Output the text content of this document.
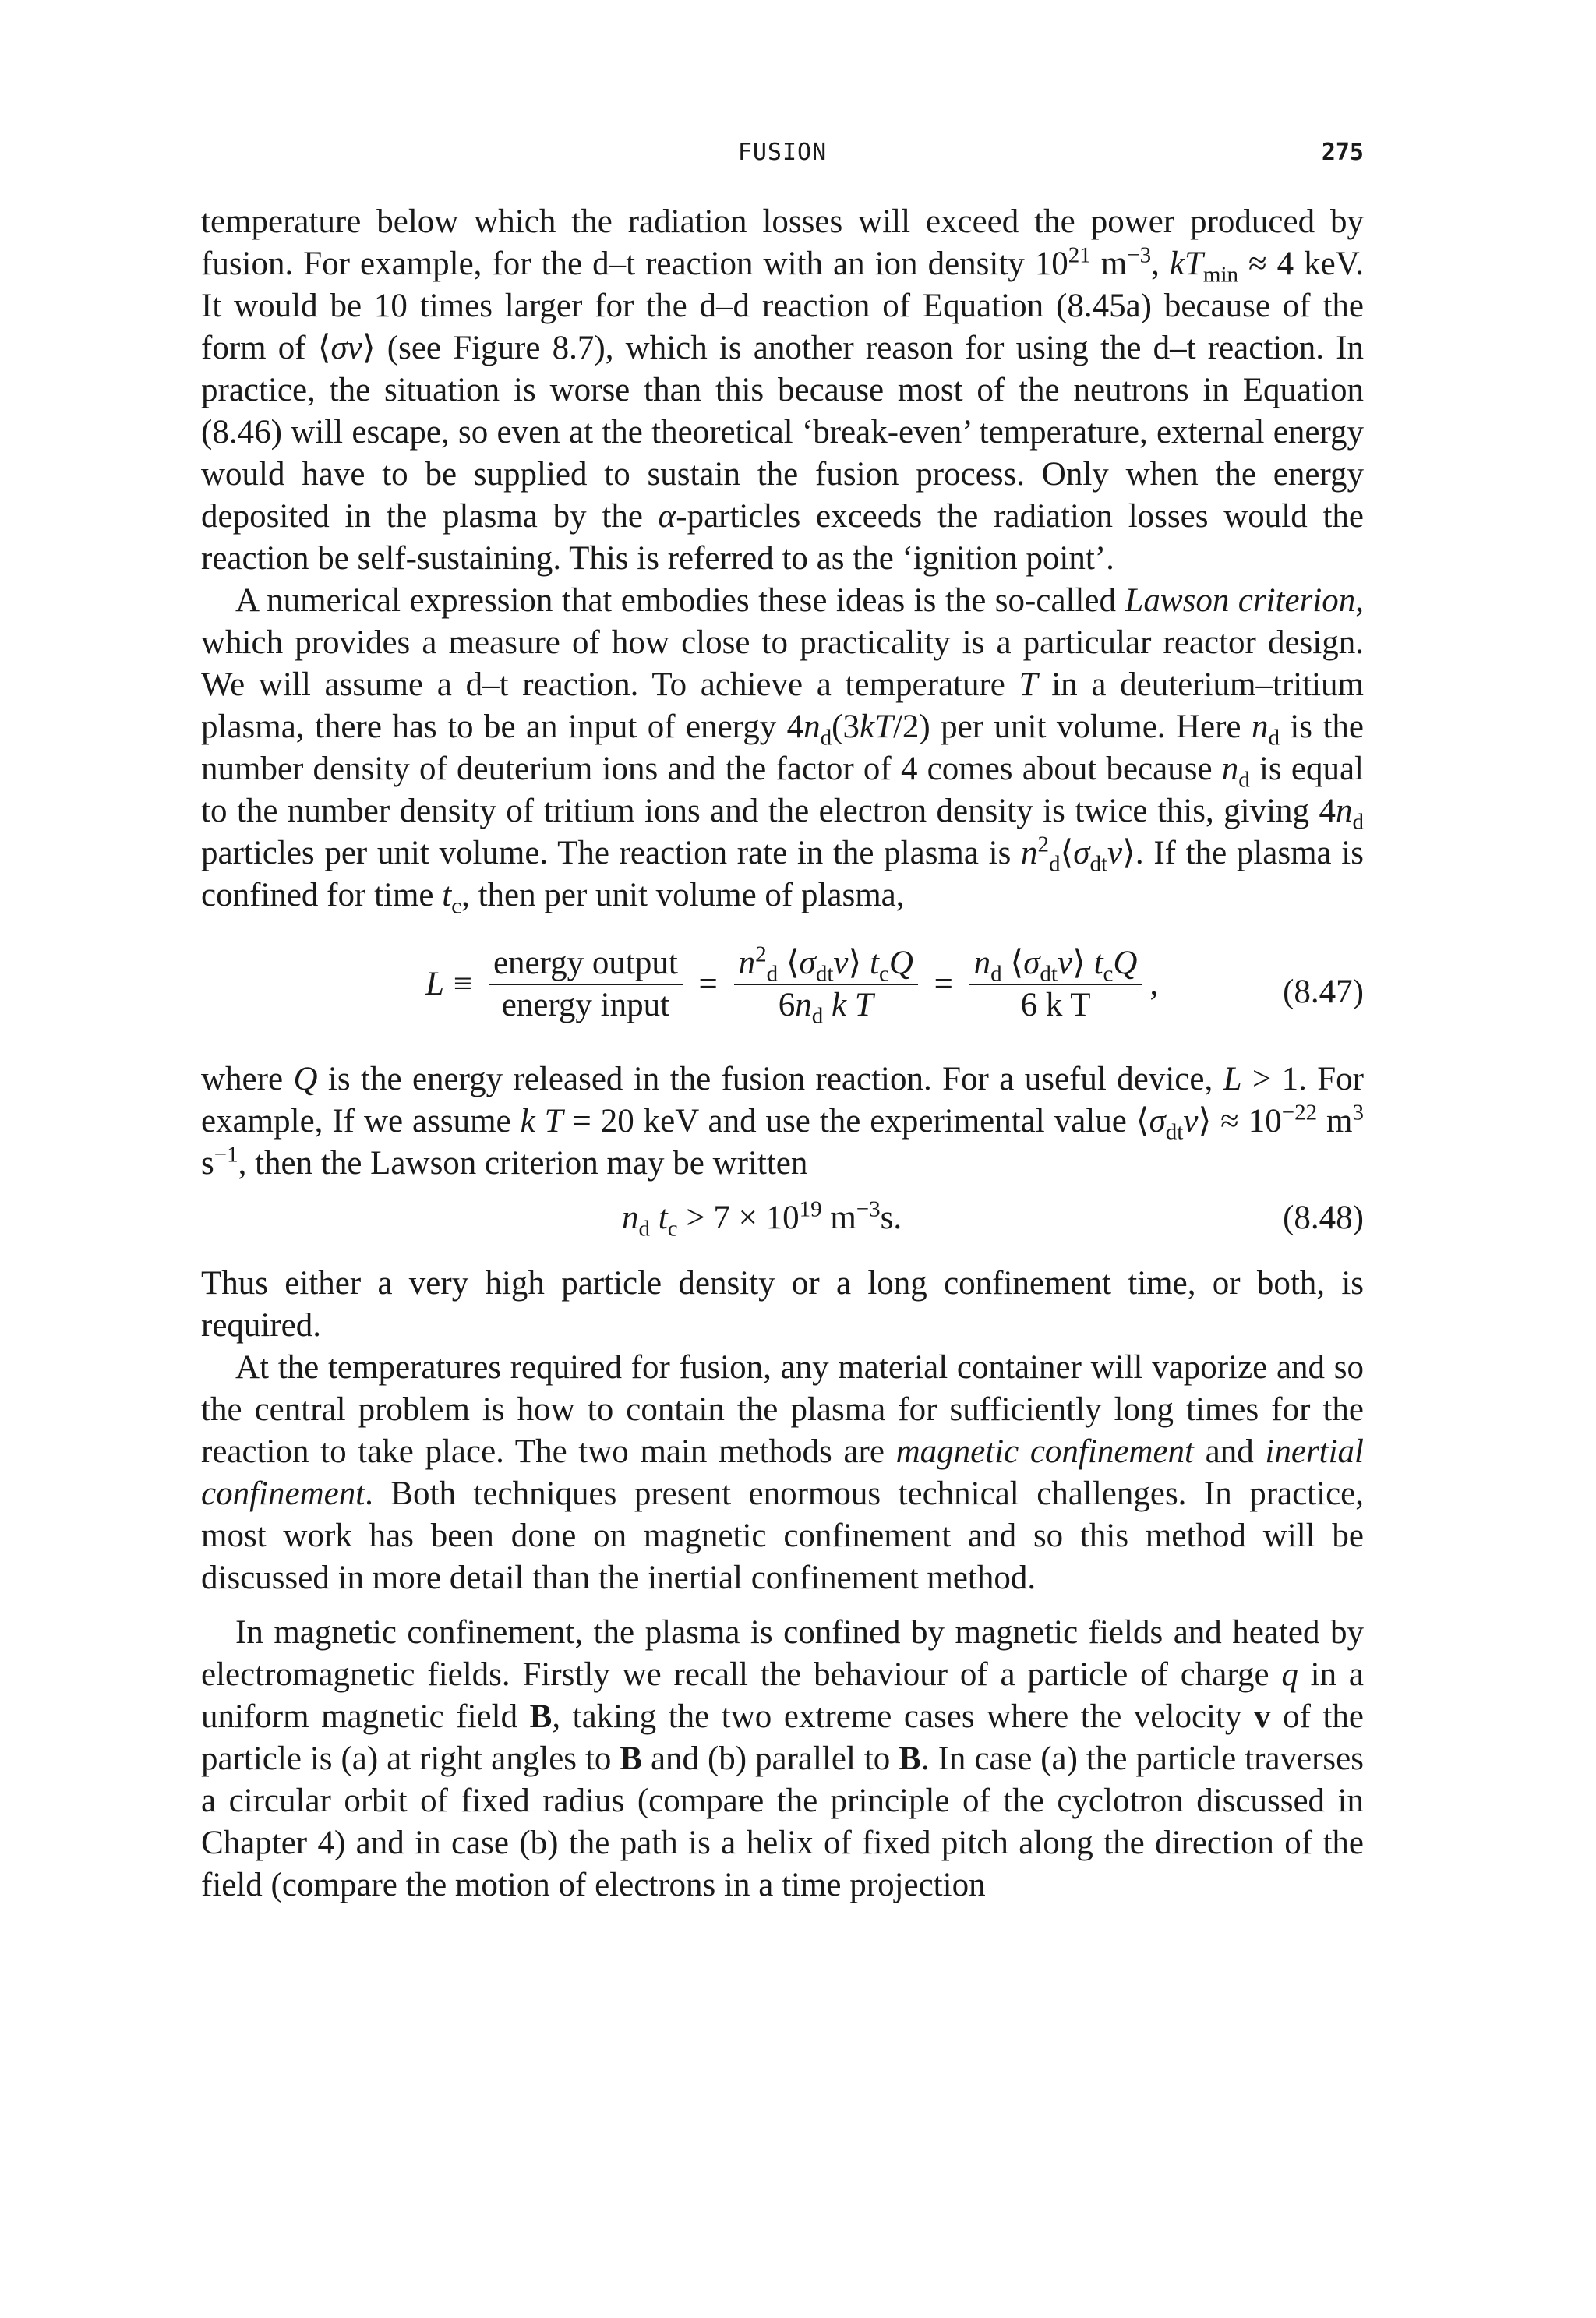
FUSION	275

temperature below which the radiation losses will exceed the power produced by fusion. For example, for the d–t reaction with an ion density $10^{21}$ $m^{-3}$, $kT_{min} \approx 4$ keV. It would be 10 times larger for the d–d reaction of Equation (8.45a) because of the form of ⟨σv⟩ (see Figure 8.7), which is another reason for using the d–t reaction. In practice, the situation is worse than this because most of the neutrons in Equation (8.46) will escape, so even at the theoretical ‘break-even’ temperature, external energy would have to be supplied to sustain the fusion process. Only when the energy deposited in the plasma by the α-particles exceeds the radiation losses would the reaction be self-sustaining. This is referred to as the ‘ignition point’.

A numerical expression that embodies these ideas is the so-called Lawson criterion, which provides a measure of how close to practicality is a particular reactor design. We will assume a d–t reaction. To achieve a temperature T in a deuterium–tritium plasma, there has to be an input of energy $4n_d(3kT/2)$ per unit volume. Here $n_d$ is the number density of deuterium ions and the factor of 4 comes about because $n_d$ is equal to the number density of tritium ions and the electron density is twice this, giving $4n_d$ particles per unit volume. The reaction rate in the plasma is $n^2_d⟨\sigma_{dt}v⟩$. If the plasma is confined for time $t_c$, then per unit volume of plasma,

$L \equiv \frac{\text{energy output}}{\text{energy input}} = \frac{n^2_d ⟨\sigma_{dt}v⟩ t_cQ}{6n_d k T} = \frac{n_d ⟨\sigma_{dt}v⟩ t_cQ}{\text{6 k T}}$ ,	(8.47)

where Q is the energy released in the fusion reaction. For a useful device, L > 1. For example, If we assume k T = 20 keV and use the experimental value $⟨\sigma_{dt}v⟩ \approx 10^{-22}$ $m^3$ $s^{-1}$, then the Lawson criterion may be written

$n_d$ $t_c > 7 \times 10^{19}$ $m^{-3}s$.	(8.48)

Thus either a very high particle density or a long confinement time, or both, is required.

At the temperatures required for fusion, any material container will vaporize and so the central problem is how to contain the plasma for sufficiently long times for the reaction to take place. The two main methods are magnetic confinement and inertial confinement. Both techniques present enormous technical challenges. In practice, most work has been done on magnetic confinement and so this method will be discussed in more detail than the inertial confinement method.

In magnetic confinement, the plasma is confined by magnetic fields and heated by electromagnetic fields. Firstly we recall the behaviour of a particle of charge q in a uniform magnetic field B, taking the two extreme cases where the velocity v of the particle is (a) at right angles to B and (b) parallel to B. In case (a) the particle traverses a circular orbit of fixed radius (compare the principle of the cyclotron discussed in Chapter 4) and in case (b) the path is a helix of fixed pitch along the direction of the field (compare the motion of electrons in a time projection
